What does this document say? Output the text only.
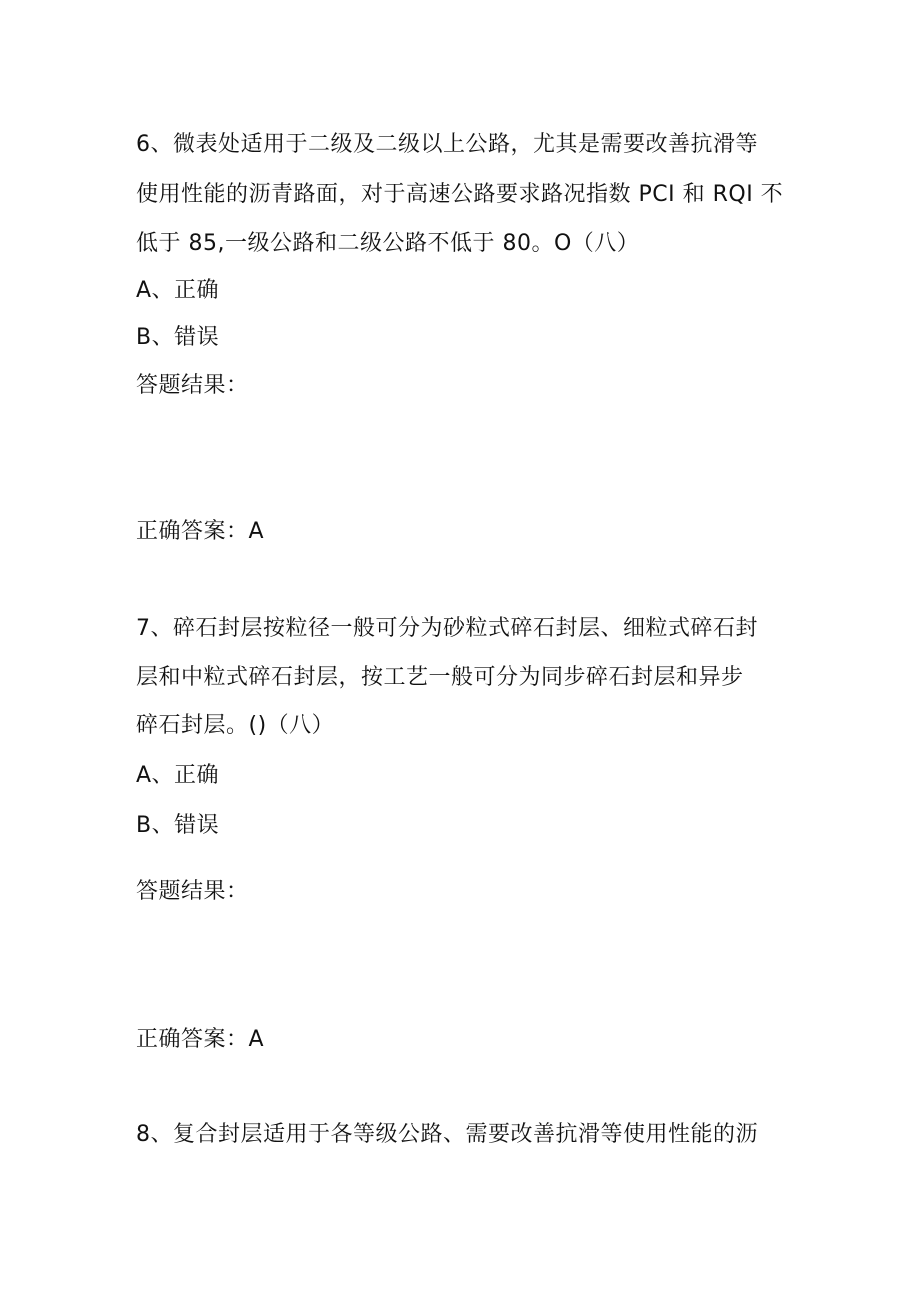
6、微表处适用于二级及二级以上公路，尤其是需要改善抗滑等
使用性能的沥青路面，对于高速公路要求路况指数 PCI 和 RQI 不
低于 85,一级公路和二级公路不低于 80。O（八）
A、正确
B、错误
答题结果：
正确答案：A
7、碎石封层按粒径一般可分为砂粒式碎石封层、细粒式碎石封
层和中粒式碎石封层，按工艺一般可分为同步碎石封层和异步
碎石封层。()（八）
A、正确
B、错误
答题结果：
正确答案：A
8、复合封层适用于各等级公路、需要改善抗滑等使用性能的沥
